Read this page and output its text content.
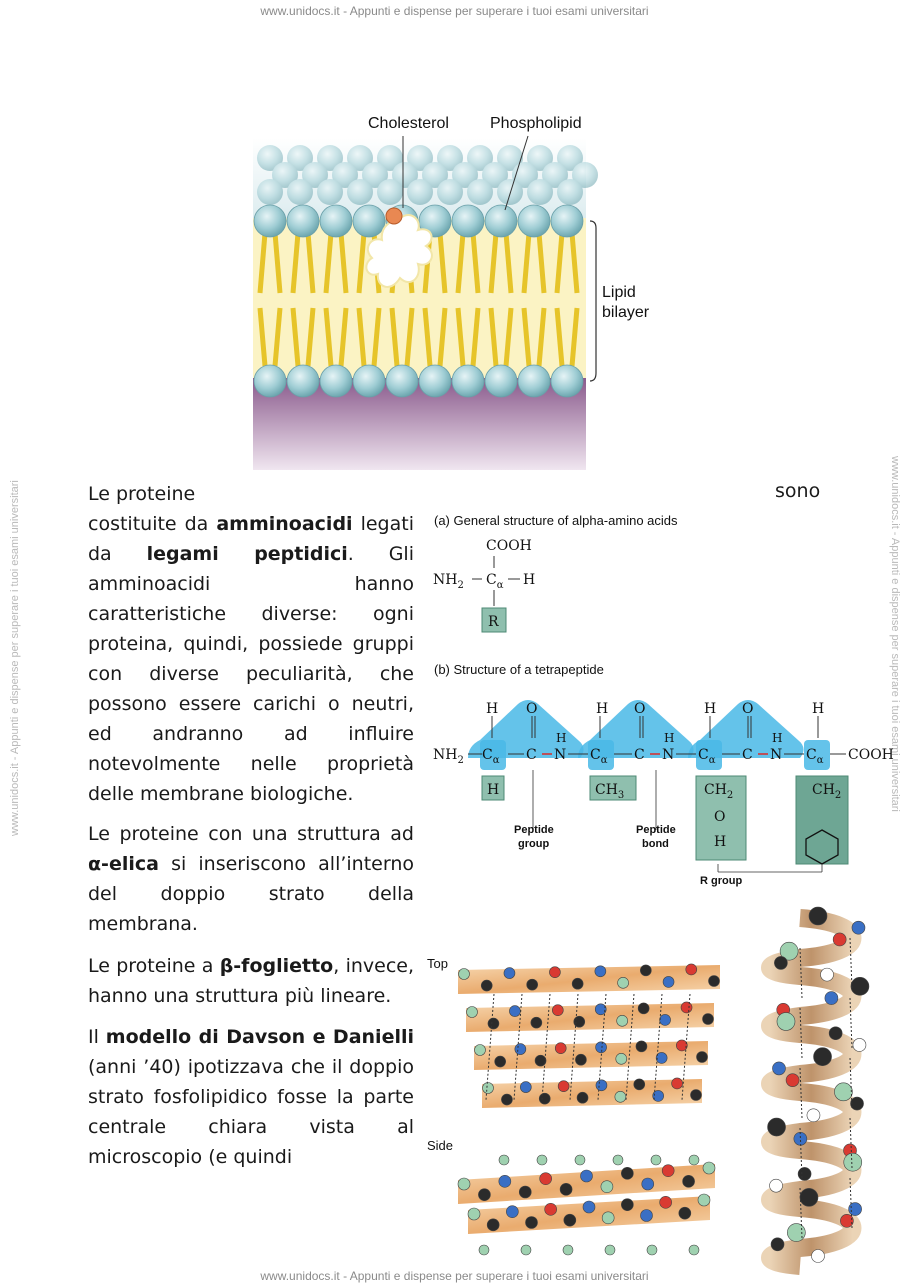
www.unidocs.it - Appunti e dispense per superare i tuoi esami universitari
www.unidocs.it - Appunti e dispense per superare i tuoi esami universitari
www.unidocs.it - Appunti e dispense per superare i tuoi esami universitari	www.unidocs.it - Appunti e dispense per superare i tuoi esami universitari
Cholesterol	Phospholipid
Lipid
bilayer

Le proteine	sono

costituite da amminoacidi legati da legami peptidici. Gli amminoacidi hanno caratteristiche diverse: ogni proteina, quindi, possiede gruppi con diverse peculiarità, che possono essere carichi o neutri, ed andranno ad influire notevolmente nelle proprietà delle membrane biologiche.

Le proteine con una struttura ad α-elica si inseriscono all’interno del doppio strato della membrana.

Le proteine a β-foglietto, invece, hanno una struttura più lineare.

Il modello di Davson e Danielli (anni ’40) ipotizzava che il doppio strato fosfolipidico fosse la parte centrale chiara vista al microscopio (e quindi

(a) General structure of alpha-amino acids
COOH
$NH_2$ $C_\alpha$ H
R
(b) Structure of a tetrapeptide
$NH_2$
H
$C_\alpha$
O
C N
H
H
$C_\alpha$
O
C N
H
H
$C_\alpha$
O
C N
H
H
$C_\alpha$ COOH
H	$CH_3$	$CH_2$
O
H
$CH_2$
Peptide
group
Peptide
bond
R group
Top
Side
